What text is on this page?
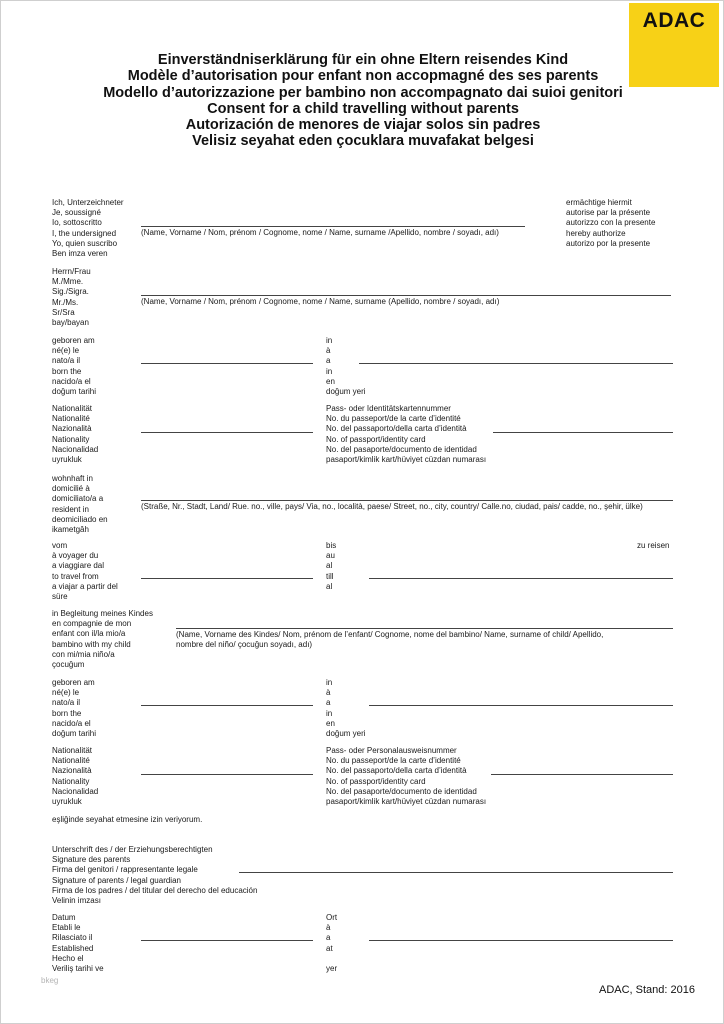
ADAC
Einverständniserklärung für ein ohne Eltern reisendes Kind
Modèle d’autorisation pour enfant non accopmagné des ses parents
Modello d’autorizzazione per bambino non accompagnato dai suioi genitori
Consent for a child travelling without parents
Autorización de menores de viajar solos sin padres
Velisiz seyahat eden çocuklara muvafakat belgesi
Ich, Unterzeichneter
Je, soussigné
Io, sottoscritto
I, the undersigned
Yo, quien suscribo
Ben imza veren
(Name, Vorname / Nom, prénom / Cognome, nome / Name, surname /Apellido, nombre / soyadı, adı)
ermächtige hiermit
autorise par la présente
autorizzo con la presente
hereby authorize
autorizo por la presente
Herrn/Frau
M./Mme.
Sig./Sigra.
Mr./Ms.
Sr/Sra
bay/bayan
(Name, Vorname / Nom, prénom / Cognome, nome / Name, surname (Apellido, nombre / soyadı, adı)
geboren am
né(e) le
nato/a il
born the
nacido/a el
doğum tarihi
in
à
a
in
en
doğum yeri
Nationalität
Nationalité
Nazionalità
Nationality
Nacionalidad
uyrukluk
Pass- oder Identitätskartennummer
No. du passeport/de la carte d’identité
No. del passaporto/della carta d’identità
No. of passport/identity card
No. del pasaporte/documento de identidad
pasaport/kimlik kart/hüviyet cüzdan numarası
wohnhaft in
domicilié à
domiciliato/a a
resident in
deomiciliado en
ikametgâh
(Straße, Nr., Stadt, Land/ Rue. no., ville, pays/ Via, no., località, paese/ Street, no., city, country/ Calle.no, ciudad, pais/ cadde, no., şehir, ülke)
vom
à voyager du
a viaggiare dal
to travel from
a viajar a partir del
süre
bis
au
al
till
al
zu reisen
in Begleitung meines Kindes
en compagnie de mon
enfant con il/la mio/a
bambino with my child
con mi/mia niño/a
çocuğum
(Name, Vorname des Kindes/ Nom, prénom de l’enfant/ Cognome, nome del bambino/ Name, surname of child/ Apellido,
nombre del niño/ çocuğun soyadı, adı)
geboren am
né(e) le
nato/a il
born the
nacido/a el
doğum tarihi
in
à
a
in
en
doğum yeri
Nationalität
Nationalité
Nazionalità
Nationality
Nacionalidad
uyrukluk
Pass- oder Personalausweisnummer
No. du passeport/de la carte d’identité
No. del passaporto/della carta d’identità
No. of passport/identity card
No. del pasaporte/documento de identidad
pasaport/kimlik kart/hüviyet cüzdan numarası
eşliğinde seyahat etmesine izin veriyorum.
Unterschrift des / der Erziehungsberechtigten
Signature des parents
Firma del genitori / rappresentante legale
Signature of parents / legal guardian
Firma de los padres / del titular del derecho del educación
Velinin imzası
Datum
Etabli le
Rilasciato il
Established
Hecho el
Veriliş tarihi ve
Ort
à
a
at

yer
bkeg
ADAC, Stand: 2016
